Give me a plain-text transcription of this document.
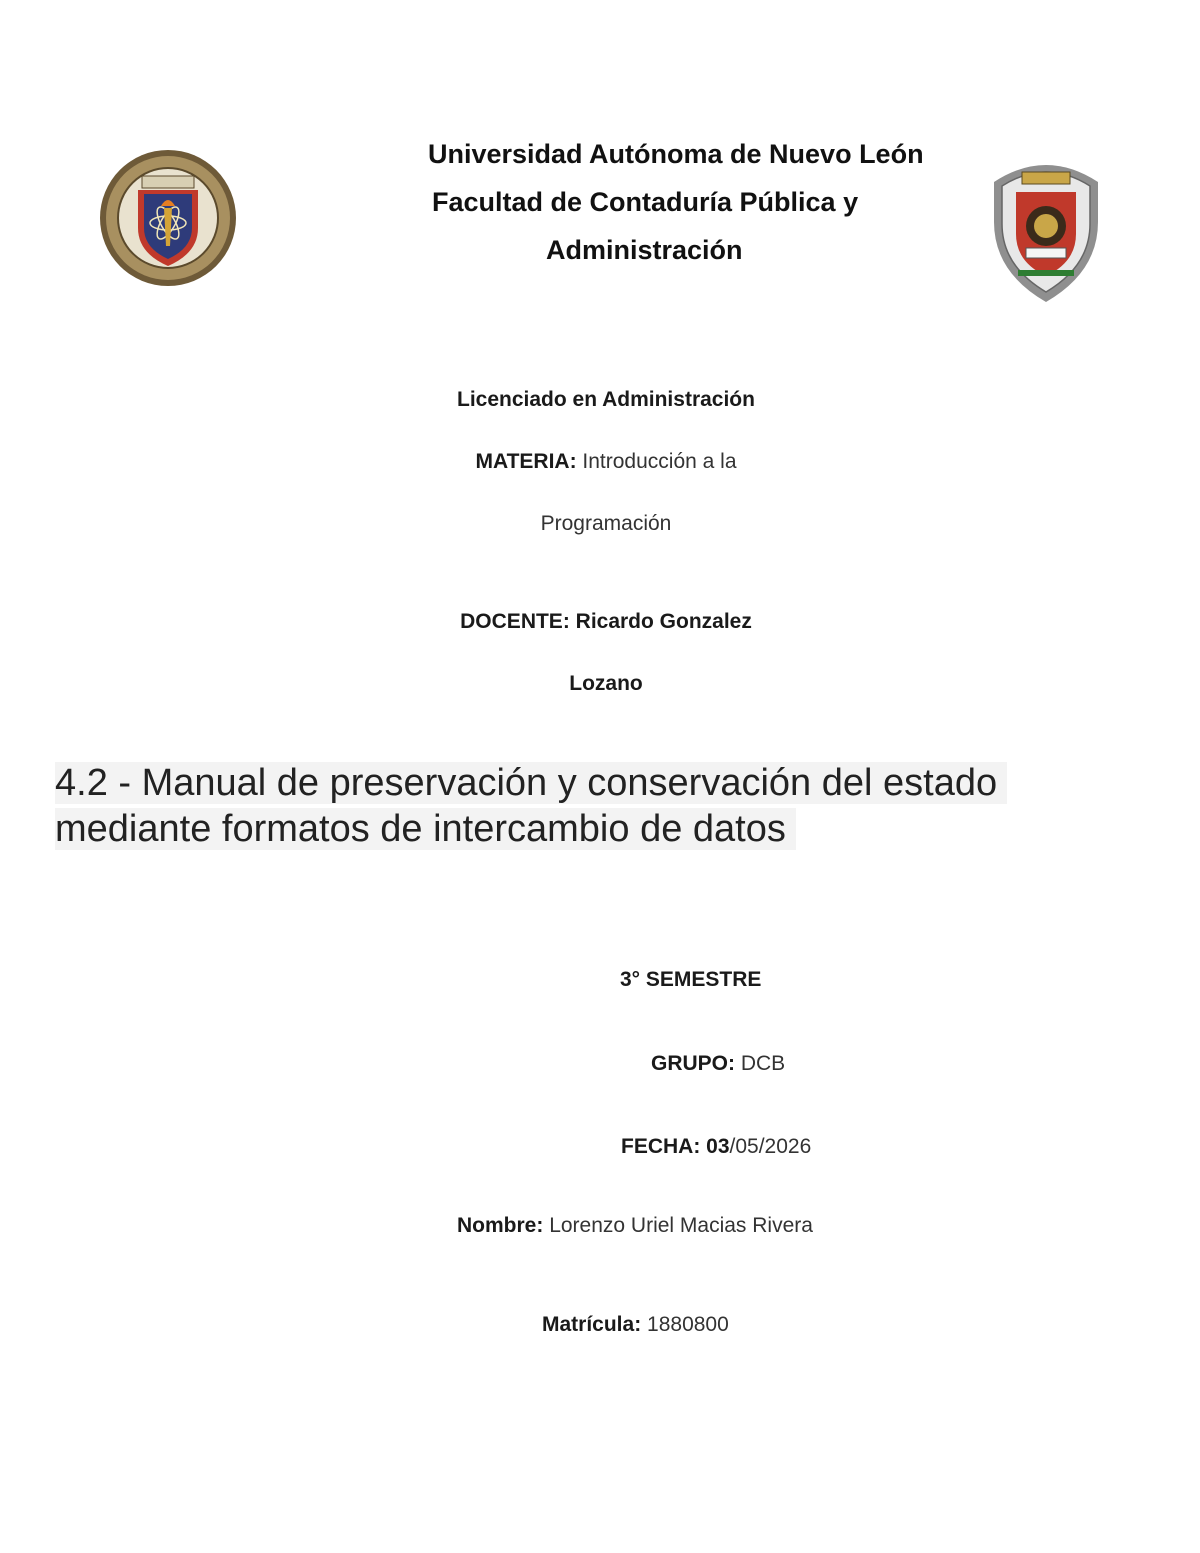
Universidad Autónoma de Nuevo León
Facultad de Contaduría Pública y
Administración
Licenciado en Administración
MATERIA: Introducción a la
Programación
DOCENTE: Ricardo Gonzalez
Lozano
4.2 - Manual de preservación y conservación del estado
mediante formatos de intercambio de datos
3° SEMESTRE
GRUPO: DCB
FECHA: 03/05/2026
Nombre: Lorenzo Uriel Macias Rivera
Matrícula: 1880800
